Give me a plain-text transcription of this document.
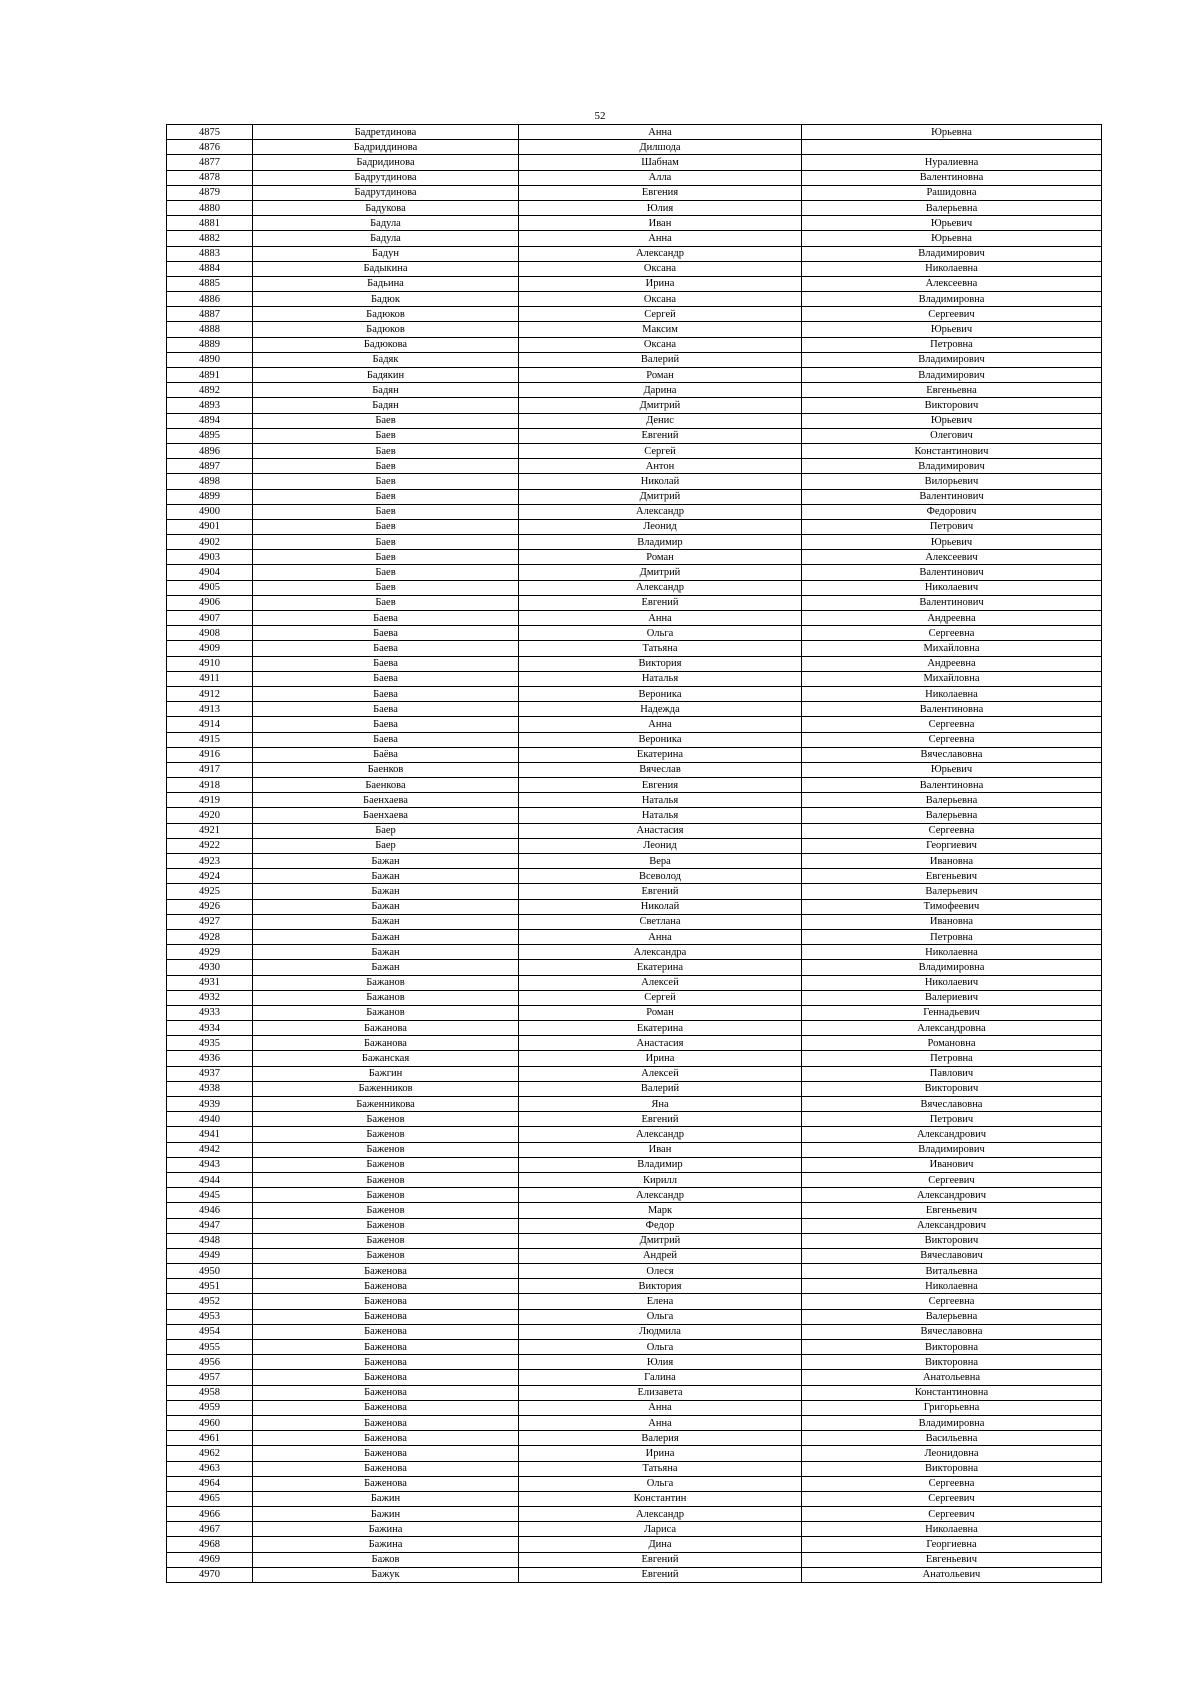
52
4875	Бадретдинова	Анна	Юрьевна
4876	Бадриддинова	Дилшода	
4877	Бадридинова	Шабнам	Нуралиевна
4878	Бадрутдинова	Алла	Валентиновна
4879	Бадрутдинова	Евгения	Рашидовна
4880	Бадукова	Юлия	Валерьевна
4881	Бадула	Иван	Юрьевич
4882	Бадула	Анна	Юрьевна
4883	Бадун	Александр	Владимирович
4884	Бадыкина	Оксана	Николаевна
4885	Бадьина	Ирина	Алексеевна
4886	Бадюк	Оксана	Владимировна
4887	Бадюков	Сергей	Сергеевич
4888	Бадюков	Максим	Юрьевич
4889	Бадюкова	Оксана	Петровна
4890	Бадяк	Валерий	Владимирович
4891	Бадякин	Роман	Владимирович
4892	Бадян	Дарина	Евгеньевна
4893	Бадян	Дмитрий	Викторович
4894	Баев	Денис	Юрьевич
4895	Баев	Евгений	Олегович
4896	Баев	Сергей	Константинович
4897	Баев	Антон	Владимирович
4898	Баев	Николай	Вилорьевич
4899	Баев	Дмитрий	Валентинович
4900	Баев	Александр	Федорович
4901	Баев	Леонид	Петрович
4902	Баев	Владимир	Юрьевич
4903	Баев	Роман	Алексеевич
4904	Баев	Дмитрий	Валентинович
4905	Баев	Александр	Николаевич
4906	Баев	Евгений	Валентинович
4907	Баева	Анна	Андреевна
4908	Баева	Ольга	Сергеевна
4909	Баева	Татьяна	Михайловна
4910	Баева	Виктория	Андреевна
4911	Баева	Наталья	Михайловна
4912	Баева	Вероника	Николаевна
4913	Баева	Надежда	Валентиновна
4914	Баева	Анна	Сергеевна
4915	Баева	Вероника	Сергеевна
4916	Баёва	Екатерина	Вячеславовна
4917	Баенков	Вячеслав	Юрьевич
4918	Баенкова	Евгения	Валентиновна
4919	Баенхаева	Наталья	Валерьевна
4920	Баенхаева	Наталья	Валерьевна
4921	Баер	Анастасия	Сергеевна
4922	Баер	Леонид	Георгиевич
4923	Бажан	Вера	Ивановна
4924	Бажан	Всеволод	Евгеньевич
4925	Бажан	Евгений	Валерьевич
4926	Бажан	Николай	Тимофеевич
4927	Бажан	Светлана	Ивановна
4928	Бажан	Анна	Петровна
4929	Бажан	Александра	Николаевна
4930	Бажан	Екатерина	Владимировна
4931	Бажанов	Алексей	Николаевич
4932	Бажанов	Сергей	Валериевич
4933	Бажанов	Роман	Геннадьевич
4934	Бажанова	Екатерина	Александровна
4935	Бажанова	Анастасия	Романовна
4936	Бажанская	Ирина	Петровна
4937	Бажгин	Алексей	Павлович
4938	Баженников	Валерий	Викторович
4939	Баженникова	Яна	Вячеславовна
4940	Баженов	Евгений	Петрович
4941	Баженов	Александр	Александрович
4942	Баженов	Иван	Владимирович
4943	Баженов	Владимир	Иванович
4944	Баженов	Кирилл	Сергеевич
4945	Баженов	Александр	Александрович
4946	Баженов	Марк	Евгеньевич
4947	Баженов	Федор	Александрович
4948	Баженов	Дмитрий	Викторович
4949	Баженов	Андрей	Вячеславович
4950	Баженова	Олеся	Витальевна
4951	Баженова	Виктория	Николаевна
4952	Баженова	Елена	Сергеевна
4953	Баженова	Ольга	Валерьевна
4954	Баженова	Людмила	Вячеславовна
4955	Баженова	Ольга	Викторовна
4956	Баженова	Юлия	Викторовна
4957	Баженова	Галина	Анатольевна
4958	Баженова	Елизавета	Константиновна
4959	Баженова	Анна	Григорьевна
4960	Баженова	Анна	Владимировна
4961	Баженова	Валерия	Васильевна
4962	Баженова	Ирина	Леонидовна
4963	Баженова	Татьяна	Викторовна
4964	Баженова	Ольга	Сергеевна
4965	Бажин	Константин	Сергеевич
4966	Бажин	Александр	Сергеевич
4967	Бажина	Лариса	Николаевна
4968	Бажина	Дина	Георгиевна
4969	Бажов	Евгений	Евгеньевич
4970	Бажук	Евгений	Анатольевич
